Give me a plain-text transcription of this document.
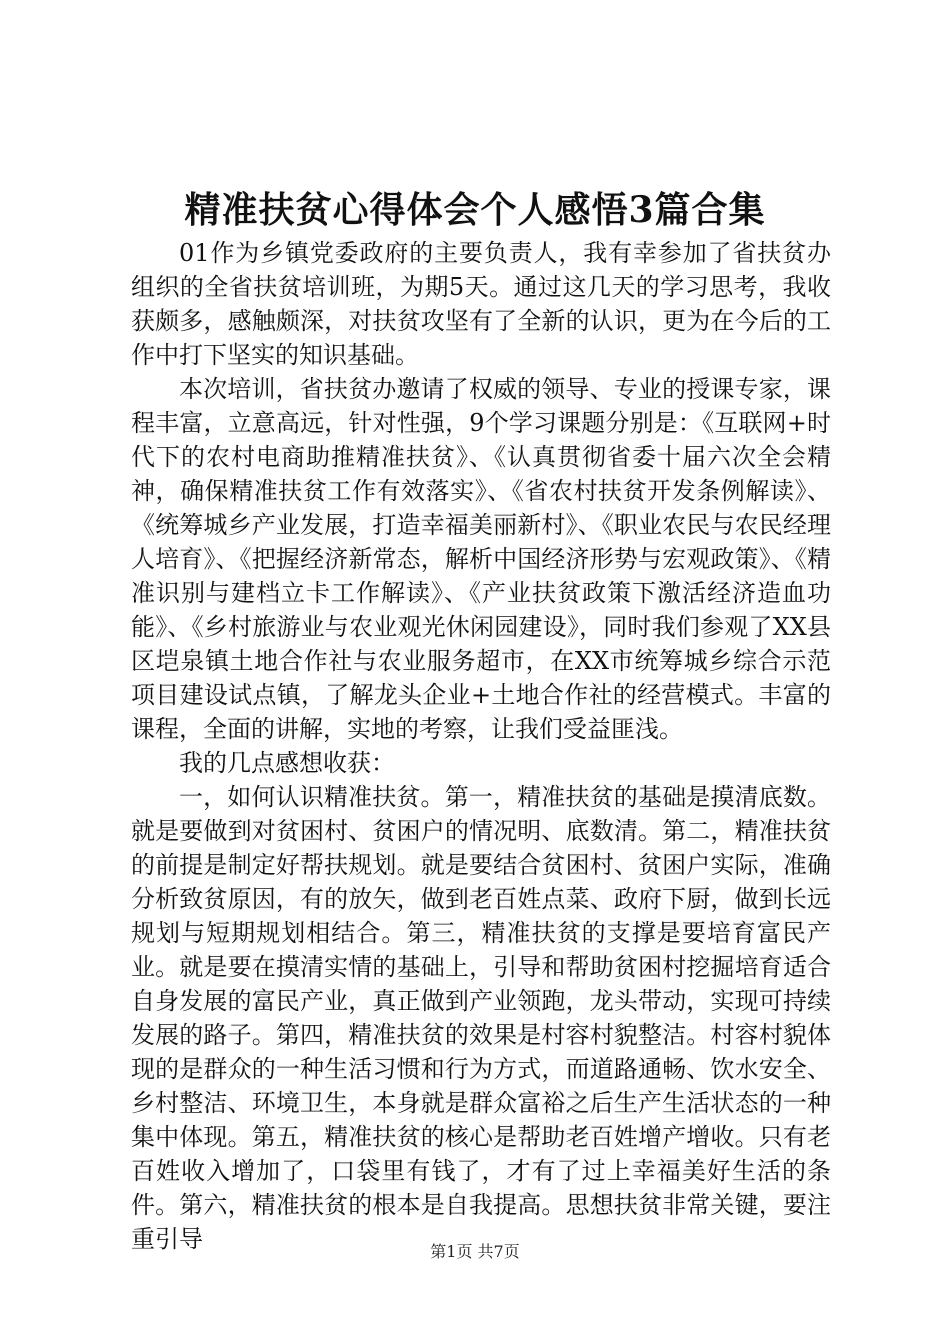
精准扶贫心得体会个人感悟3篇合集

01作为乡镇党委政府的主要负责人，我有幸参加了省扶贫办组织的全省扶贫培训班，为期5天。通过这几天的学习思考，我收获颇多，感触颇深，对扶贫攻坚有了全新的认识，更为在今后的工作中打下坚实的知识基础。

本次培训，省扶贫办邀请了权威的领导、专业的授课专家，课程丰富，立意高远，针对性强，9个学习课题分别是：《互联网+时代下的农村电商助推精准扶贫》、《认真贯彻省委十届六次全会精神，确保精准扶贫工作有效落实》、《省农村扶贫开发条例解读》、《统筹城乡产业发展，打造幸福美丽新村》、《职业农民与农民经理人培育》、《把握经济新常态，解析中国经济形势与宏观政策》、《精准识别与建档立卡工作解读》、《产业扶贫政策下激活经济造血功能》、《乡村旅游业与农业观光休闲园建设》，同时我们参观了XX县区垲泉镇土地合作社与农业服务超市，在XX市统筹城乡综合示范项目建设试点镇，了解龙头企业+土地合作社的经营模式。丰富的课程，全面的讲解，实地的考察，让我们受益匪浅。

我的几点感想收获：

一，如何认识精准扶贫。第一，精准扶贫的基础是摸清底数。就是要做到对贫困村、贫困户的情况明、底数清。第二，精准扶贫的前提是制定好帮扶规划。就是要结合贫困村、贫困户实际，准确分析致贫原因，有的放矢，做到老百姓点菜、政府下厨，做到长远规划与短期规划相结合。第三，精准扶贫的支撑是要培育富民产业。就是要在摸清实情的基础上，引导和帮助贫困村挖掘培育适合自身发展的富民产业，真正做到产业领跑，龙头带动，实现可持续发展的路子。第四，精准扶贫的效果是村容村貌整洁。村容村貌体现的是群众的一种生活习惯和行为方式，而道路通畅、饮水安全、乡村整洁、环境卫生，本身就是群众富裕之后生产生活状态的一种集中体现。第五，精准扶贫的核心是帮助老百姓增产增收。只有老百姓收入增加了，口袋里有钱了，才有了过上幸福美好生活的条件。第六，精准扶贫的根本是自我提高。思想扶贫非常关键，要注重引导	第1页 共7页
